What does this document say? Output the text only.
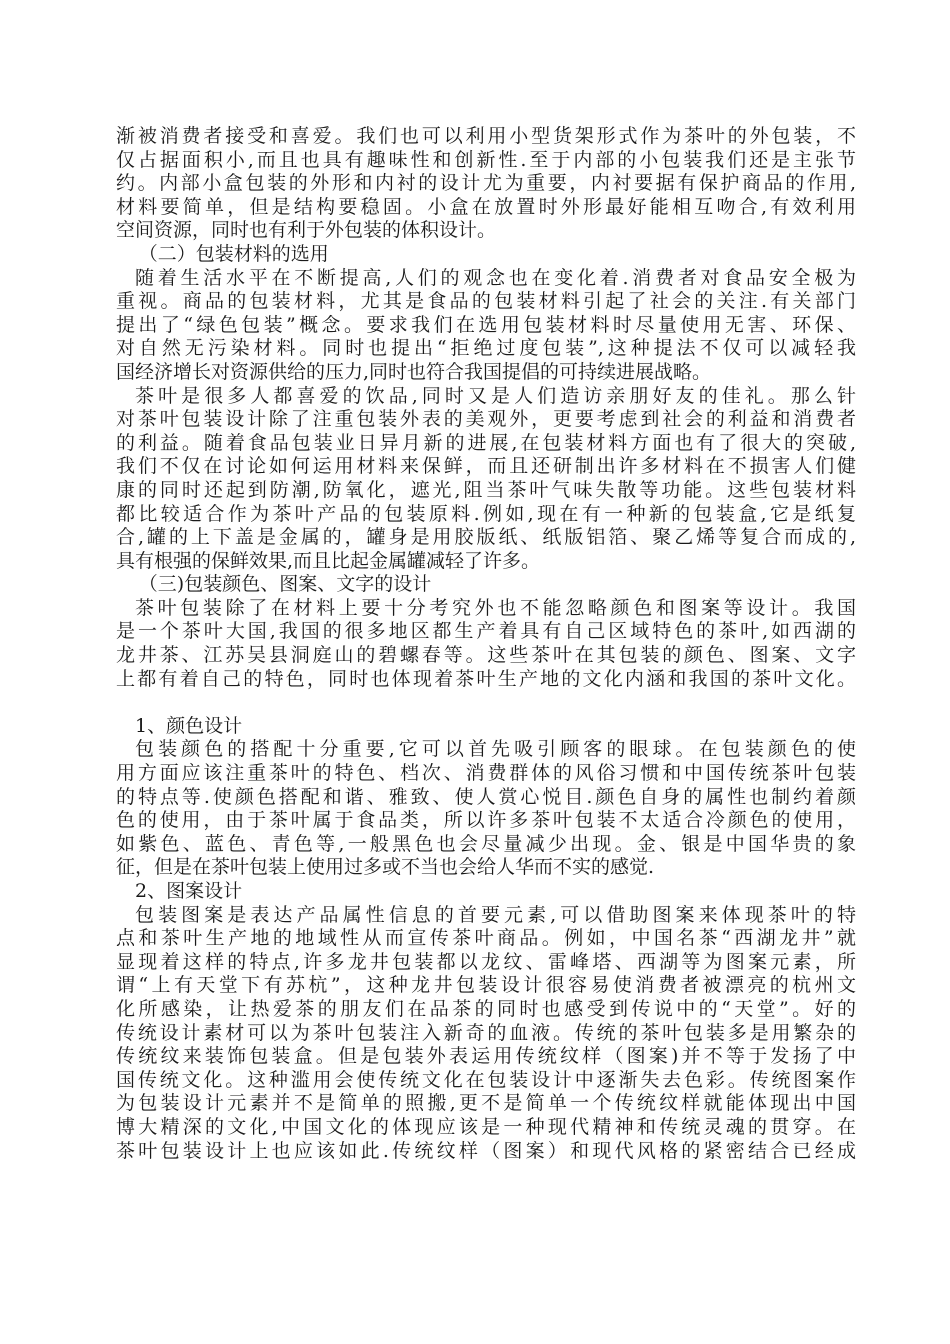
渐被消费者接受和喜爱。我们也可以利用小型货架形式作为茶叶的外包装，不
仅占据面积小,而且也具有趣味性和创新性.至于内部的小包装我们还是主张节
约。内部小盒包装的外形和内衬的设计尤为重要，内衬要据有保护商品的作用,
材料要简单，但是结构要稳固。小盒在放置时外形最好能相互吻合,有效利用
空间资源，同时也有利于外包装的体积设计。
（二）包装材料的选用
随着生活水平在不断提高,人们的观念也在变化着.消费者对食品安全极为
重视。商品的包装材料，尤其是食品的包装材料引起了社会的关注.有关部门
提出了“绿色包装”概念。要求我们在选用包装材料时尽量使用无害、环保、
对自然无污染材料。同时也提出“拒绝过度包装”,这种提法不仅可以减轻我
国经济增长对资源供给的压力,同时也符合我国提倡的可持续进展战略。
茶叶是很多人都喜爱的饮品,同时又是人们造访亲朋好友的佳礼。那么针
对茶叶包装设计除了注重包装外表的美观外，更要考虑到社会的利益和消费者
的利益。随着食品包装业日异月新的进展,在包装材料方面也有了很大的突破,
我们不仅在讨论如何运用材料来保鲜，而且还研制出许多材料在不损害人们健
康的同时还起到防潮,防氧化，遮光,阻当茶叶气味失散等功能。这些包装材料
都比较适合作为茶叶产品的包装原料.例如,现在有一种新的包装盒,它是纸复
合,罐的上下盖是金属的，罐身是用胶版纸、纸版铝箔、聚乙烯等复合而成的,
具有根强的保鲜效果,而且比起金属罐减轻了许多。
（三)包装颜色、图案、文字的设计
茶叶包装除了在材料上要十分考究外也不能忽略颜色和图案等设计。我国
是一个茶叶大国,我国的很多地区都生产着具有自己区域特色的茶叶,如西湖的
龙井茶、江苏吴县洞庭山的碧螺春等。这些茶叶在其包装的颜色、图案、文字
上都有着自己的特色，同时也体现着茶叶生产地的文化内涵和我国的茶叶文化。
1、颜色设计
包装颜色的搭配十分重要,它可以首先吸引顾客的眼球。在包装颜色的使
用方面应该注重茶叶的特色、档次、消费群体的风俗习惯和中国传统茶叶包装
的特点等.使颜色搭配和谐、雅致、使人赏心悦目.颜色自身的属性也制约着颜
色的使用，由于茶叶属于食品类，所以许多茶叶包装不太适合冷颜色的使用，
如紫色、蓝色、青色等,一般黑色也会尽量减少出现。金、银是中国华贵的象
征，但是在茶叶包装上使用过多或不当也会给人华而不实的感觉.
2、图案设计
包装图案是表达产品属性信息的首要元素,可以借助图案来体现茶叶的特
点和茶叶生产地的地域性从而宣传茶叶商品。例如，中国名茶“西湖龙井”就
显现着这样的特点,许多龙井包装都以龙纹、雷峰塔、西湖等为图案元素，所
谓“上有天堂下有苏杭”，这种龙井包装设计很容易使消费者被漂亮的杭州文
化所感染，让热爱茶的朋友们在品茶的同时也感受到传说中的“天堂”。好的
传统设计素材可以为茶叶包装注入新奇的血液。传统的茶叶包装多是用繁杂的
传统纹来装饰包装盒。但是包装外表运用传统纹样（图案)并不等于发扬了中
国传统文化。这种滥用会使传统文化在包装设计中逐渐失去色彩。传统图案作
为包装设计元素并不是简单的照搬,更不是简单一个传统纹样就能体现出中国
博大精深的文化,中国文化的体现应该是一种现代精神和传统灵魂的贯穿。在
茶叶包装设计上也应该如此.传统纹样（图案）和现代风格的紧密结合已经成
